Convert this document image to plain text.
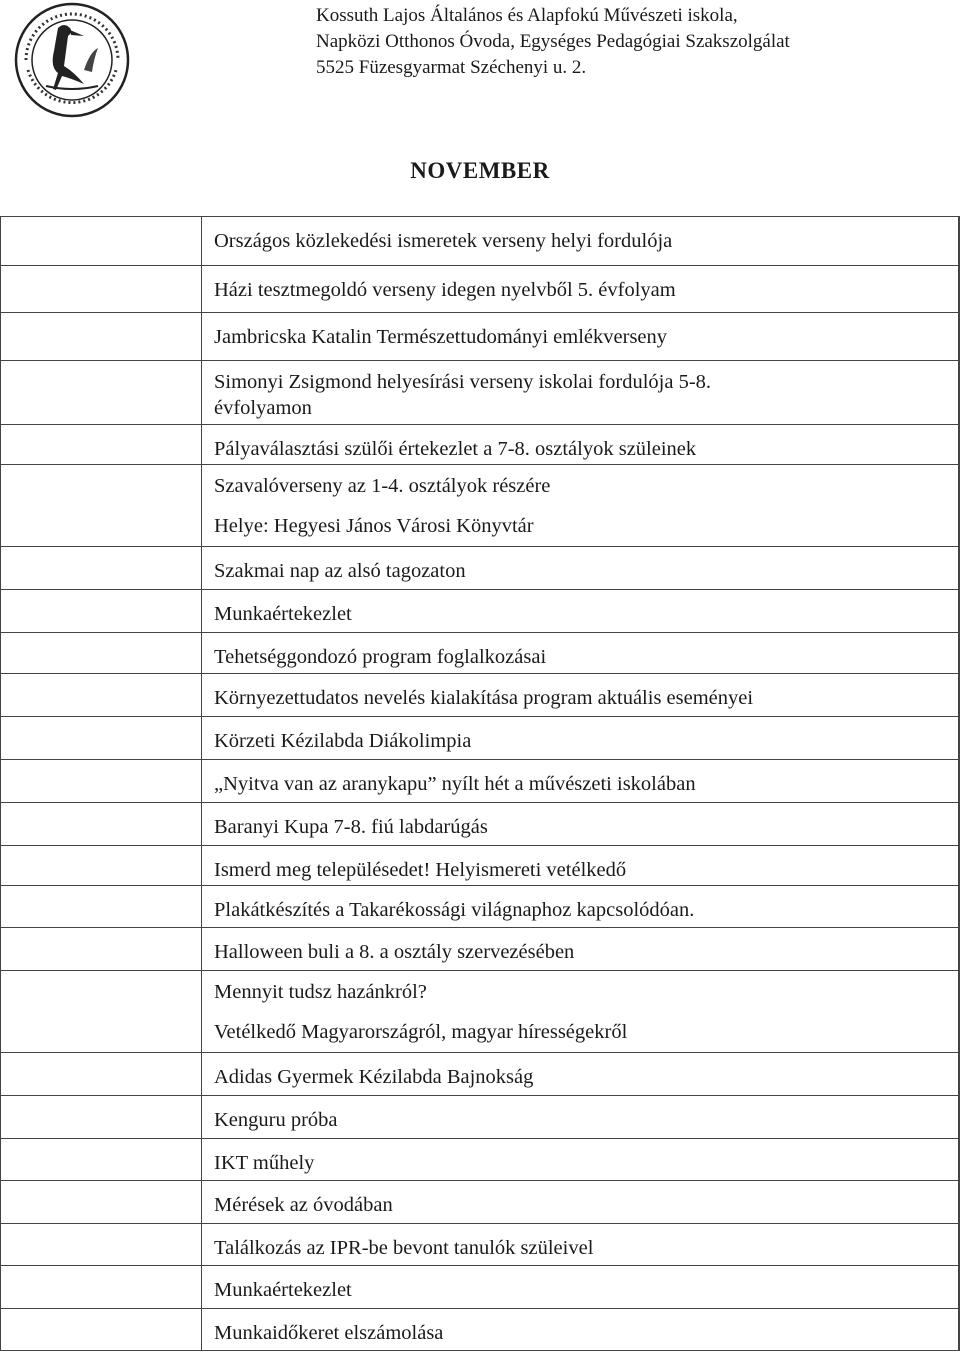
Kossuth Lajos Általános és Alapfokú Művészeti iskola,
Napközi Otthonos Óvoda, Egységes Pedagógiai Szakszolgálat
5525 Füzesgyarmat Széchenyi u. 2.
NOVEMBER

	Országos közlekedési ismeretek verseny helyi fordulója	

	Házi tesztmegoldó verseny idegen nyelvből 5. évfolyam	

	Jambricska Katalin Természettudományi emlékverseny	

	Simonyi Zsigmond helyesírási verseny iskolai fordulója 5-8.
évfolyamon	

	Pályaválasztási szülői értekezlet a 7-8. osztályok szüleinek	

	Szavalóverseny az 1-4. osztályok részére
Helye: Hegyesi János Városi Könyvtár	

	Szakmai nap az alsó tagozaton	

	Munkaértekezlet	

	Tehetséggondozó program foglalkozásai	

	Környezettudatos nevelés kialakítása program aktuális eseményei	

	Körzeti Kézilabda Diákolimpia	

	„Nyitva van az aranykapu” nyílt hét a művészeti iskolában	

	Baranyi Kupa 7-8. fiú labdarúgás	

	Ismerd meg településedet! Helyismereti vetélkedő	

	Plakátkészítés a Takarékossági világnaphoz kapcsolódóan.	

	Halloween buli a 8. a osztály szervezésében	

	Mennyit tudsz hazánkról?
Vetélkedő Magyarországról, magyar hírességekről	

	Adidas Gyermek Kézilabda Bajnokság	

	Kenguru próba	

	IKT műhely	

	Mérések az óvodában	

	Találkozás az IPR-be bevont tanulók szüleivel	

	Munkaértekezlet	

	Munkaidőkeret elszámolása	
